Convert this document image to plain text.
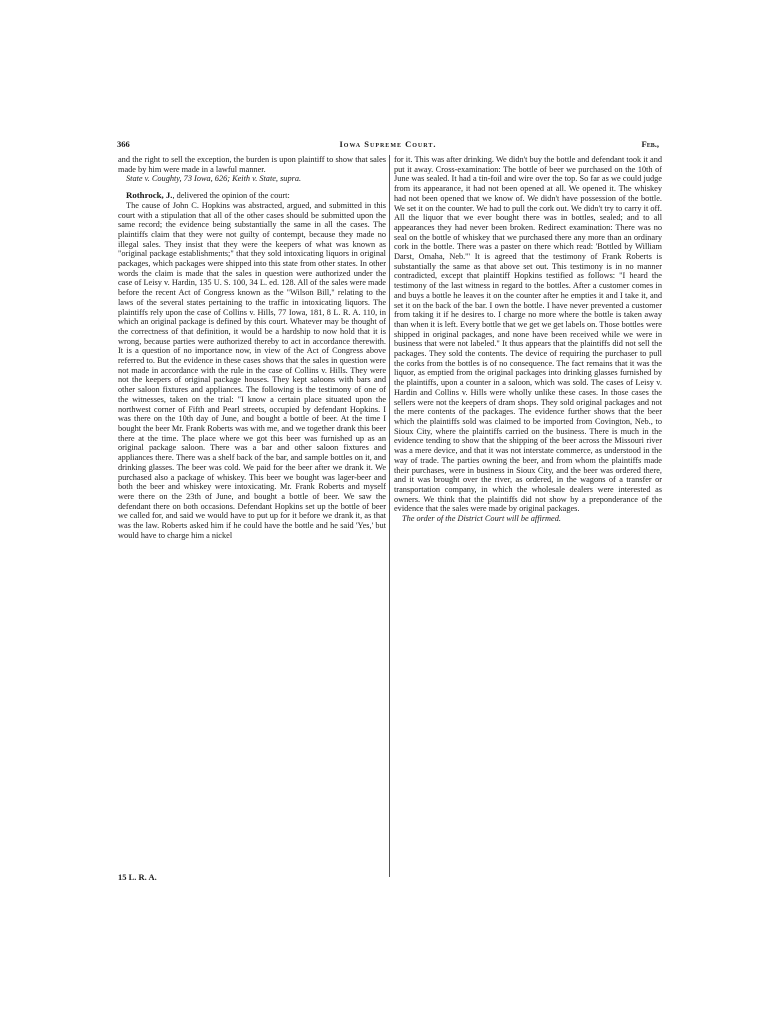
366	Iowa Supreme Court.	Feb.,

and the right to sell the exception, the burden is upon plaintiff to show that sales made by him were made in a lawful manner.

State v. Coughty, 73 Iowa, 626; Keith v. State, supra.

Rothrock, J., delivered the opinion of the court:

The cause of John C. Hopkins was abstracted, argued, and submitted in this court with a stipulation that all of the other cases should be submitted upon the same record; the evidence being substantially the same in all the cases. The plaintiffs claim that they were not guilty of contempt, because they made no illegal sales. They insist that they were the keepers of what was known as "original package establishments;" that they sold intoxicating liquors in original packages, which packages were shipped into this state from other states. In other words the claim is made that the sales in question were authorized under the case of Leisy v. Hardin, 135 U. S. 100, 34 L. ed. 128. All of the sales were made before the recent Act of Congress known as the "Wilson Bill," relating to the laws of the several states pertaining to the traffic in intoxicating liquors. The plaintiffs rely upon the case of Collins v. Hills, 77 Iowa, 181, 8 L. R. A. 110, in which an original package is defined by this court. Whatever may be thought of the correctness of that definition, it would be a hardship to now hold that it is wrong, because parties were authorized thereby to act in accordance therewith. It is a question of no importance now, in view of the Act of Congress above referred to. But the evidence in these cases shows that the sales in question were not made in accordance with the rule in the case of Collins v. Hills. They were not the keepers of original package houses. They kept saloons with bars and other saloon fixtures and appliances. The following is the testimony of one of the witnesses, taken on the trial: "I know a certain place situated upon the northwest corner of Fifth and Pearl streets, occupied by defendant Hopkins. I was there on the 10th day of June, and bought a bottle of beer. At the time I bought the beer Mr. Frank Roberts was with me, and we together drank this beer there at the time. The place where we got this beer was furnished up as an original package saloon. There was a bar and other saloon fixtures and appliances there. There was a shelf back of the bar, and sample bottles on it, and drinking glasses. The beer was cold. We paid for the beer after we drank it. We purchased also a package of whiskey. This beer we bought was lager-beer and both the beer and whiskey were intoxicating. Mr. Frank Roberts and myself were there on the 23th of June, and bought a bottle of beer. We saw the defendant there on both occasions. Defendant Hopkins set up the bottle of beer we called for, and said we would have to put up for it before we drank it, as that was the law. Roberts asked him if he could have the bottle and he said 'Yes,' but would have to charge him a nickel

for it. This was after drinking. We didn't buy the bottle and defendant took it and put it away. Cross-examination: The bottle of beer we purchased on the 10th of June was sealed. It had a tin-foil and wire over the top. So far as we could judge from its appearance, it had not been opened at all. We opened it. The whiskey had not been opened that we know of. We didn't have possession of the bottle. We set it on the counter. We had to pull the cork out. We didn't try to carry it off. All the liquor that we ever bought there was in bottles, sealed; and to all appearances they had never been broken. Redirect examination: There was no seal on the bottle of whiskey that we purchased there any more than an ordinary cork in the bottle. There was a paster on there which read: 'Bottled by William Darst, Omaha, Neb.'" It is agreed that the testimony of Frank Roberts is substantially the same as that above set out. This testimony is in no manner contradicted, except that plaintiff Hopkins testified as follows: "I heard the testimony of the last witness in regard to the bottles. After a customer comes in and buys a bottle he leaves it on the counter after he empties it and I take it, and set it on the back of the bar. I own the bottle. I have never prevented a customer from taking it if he desires to. I charge no more where the bottle is taken away than when it is left. Every bottle that we get we get labels on. Those bottles were shipped in original packages, and none have been received while we were in business that were not labeled." It thus appears that the plaintiffs did not sell the packages. They sold the contents. The device of requiring the purchaser to pull the corks from the bottles is of no consequence. The fact remains that it was the liquor, as emptied from the original packages into drinking glasses furnished by the plaintiffs, upon a counter in a saloon, which was sold. The cases of Leisy v. Hardin and Collins v. Hills were wholly unlike these cases. In those cases the sellers were not the keepers of dram shops. They sold original packages and not the mere contents of the packages. The evidence further shows that the beer which the plaintiffs sold was claimed to be imported from Covington, Neb., to Sioux City, where the plaintiffs carried on the business. There is much in the evidence tending to show that the shipping of the beer across the Missouri river was a mere device, and that it was not interstate commerce, as understood in the way of trade. The parties owning the beer, and from whom the plaintiffs made their purchases, were in business in Sioux City, and the beer was ordered there, and it was brought over the river, as ordered, in the wagons of a transfer or transportation company, in which the wholesale dealers were interested as owners. We think that the plaintiffs did not show by a preponderance of the evidence that the sales were made by original packages.

The order of the District Court will be affirmed.

15 L. R. A.
